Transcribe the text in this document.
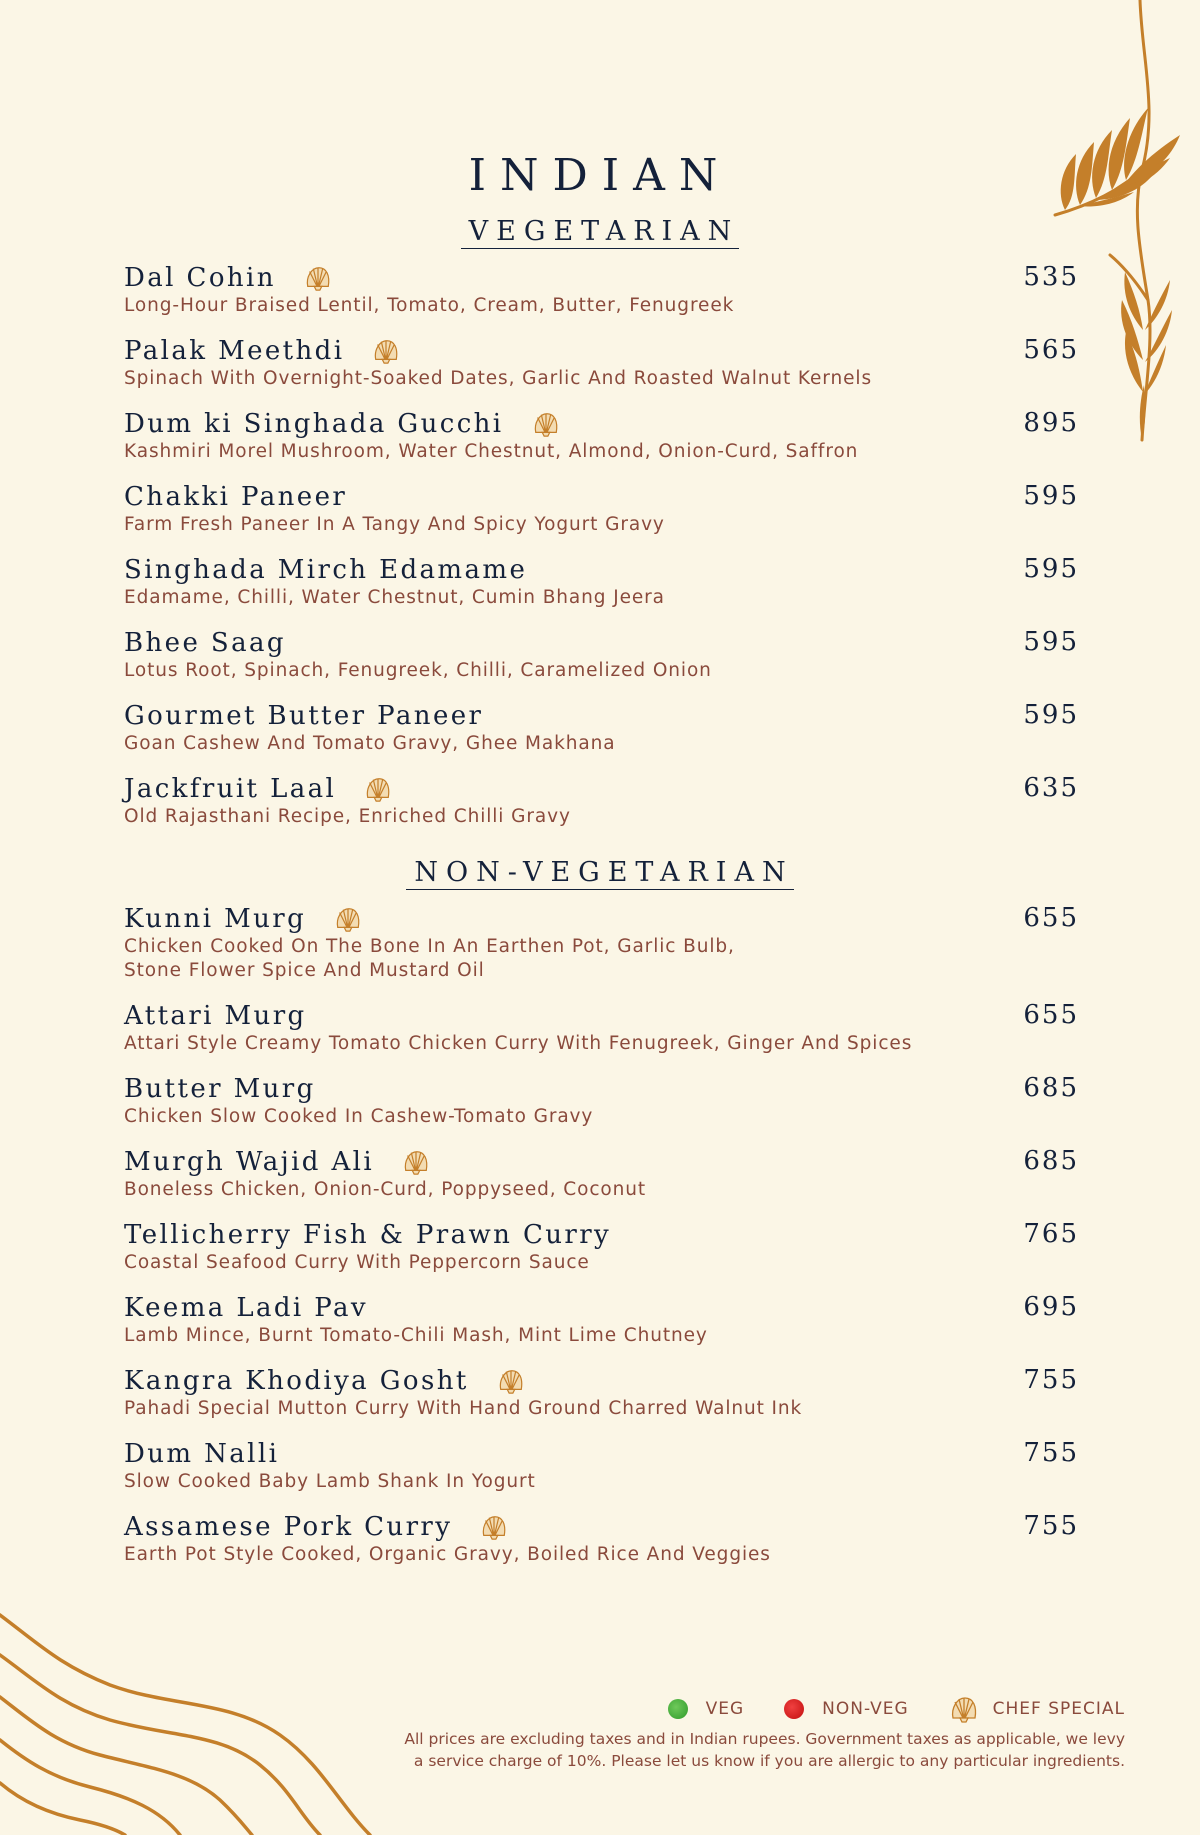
INDIAN
VEGETARIAN
Dal Cohin	535
Long-Hour Braised Lentil, Tomato, Cream, Butter, Fenugreek
Palak Meethdi	565
Spinach With Overnight-Soaked Dates, Garlic And Roasted Walnut Kernels
Dum ki Singhada Gucchi	895
Kashmiri Morel Mushroom, Water Chestnut, Almond, Onion-Curd, Saffron
Chakki Paneer	595
Farm Fresh Paneer In A Tangy And Spicy Yogurt Gravy
Singhada Mirch Edamame	595
Edamame, Chilli, Water Chestnut, Cumin Bhang Jeera
Bhee Saag	595
Lotus Root, Spinach, Fenugreek, Chilli, Caramelized Onion
Gourmet Butter Paneer	595
Goan Cashew And Tomato Gravy, Ghee Makhana
Jackfruit Laal	635
Old Rajasthani Recipe, Enriched Chilli Gravy
NON-VEGETARIAN
Kunni Murg	655
Chicken Cooked On The Bone In An Earthen Pot, Garlic Bulb,
Stone Flower Spice And Mustard Oil
Attari Murg	655
Attari Style Creamy Tomato Chicken Curry With Fenugreek, Ginger And Spices
Butter Murg	685
Chicken Slow Cooked In Cashew-Tomato Gravy
Murgh Wajid Ali	685
Boneless Chicken, Onion-Curd, Poppyseed, Coconut
Tellicherry Fish & Prawn Curry	765
Coastal Seafood Curry With Peppercorn Sauce
Keema Ladi Pav	695
Lamb Mince, Burnt Tomato-Chili Mash, Mint Lime Chutney
Kangra Khodiya Gosht	755
Pahadi Special Mutton Curry With Hand Ground Charred Walnut Ink
Dum Nalli	755
Slow Cooked Baby Lamb Shank In Yogurt
Assamese Pork Curry	755
Earth Pot Style Cooked, Organic Gravy, Boiled Rice And Veggies
VEG	NON-VEG	CHEF SPECIAL
All prices are excluding taxes and in Indian rupees. Government taxes as applicable, we levy
a service charge of 10%. Please let us know if you are allergic to any particular ingredients.
